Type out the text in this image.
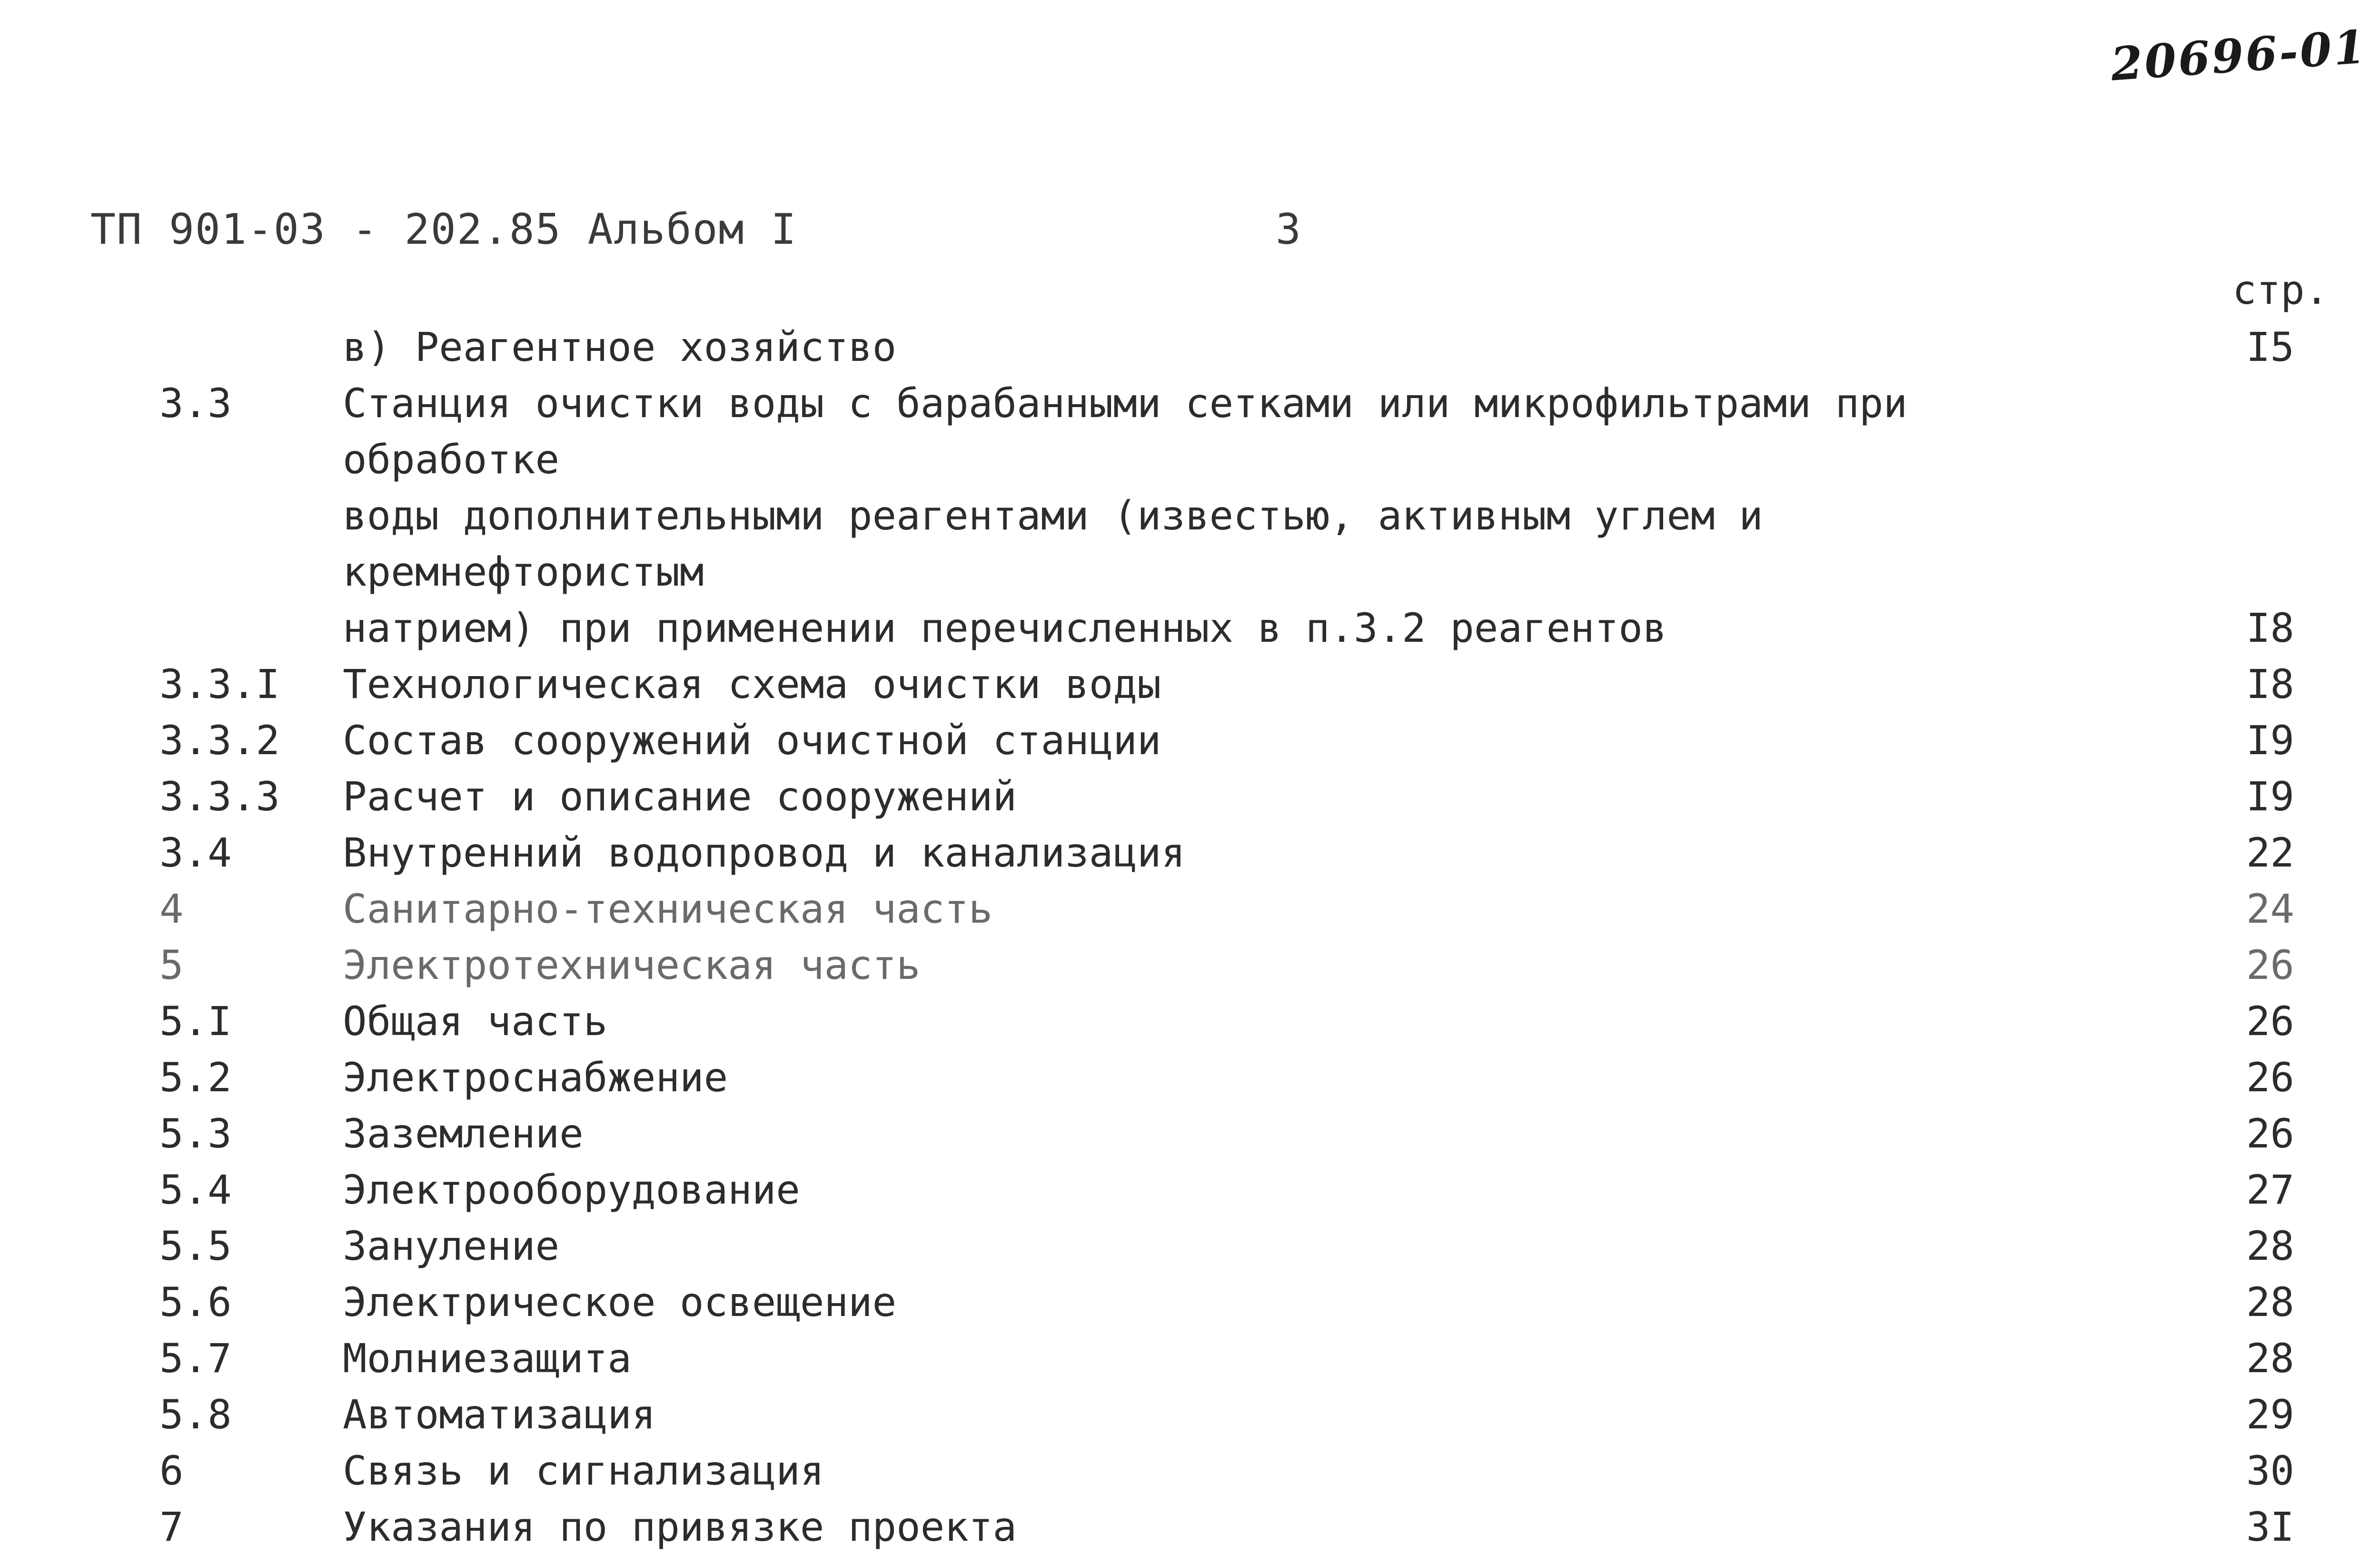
20696-01
ТП 901-03 - 202.85 Альбом I	3
стр.
в) Реагентное хозяйство	I5
3.3	Станция очистки воды с барабанными сетками или микрофильтрами при обработке
воды дополнительными реагентами (известью, активным углем и кремнефтористым
натрием) при применении перечисленных в п.3.2 реагентов	I8
3.3.I	Технологическая схема очистки воды	I8
3.3.2	Состав сооружений очистной станции	I9
3.3.3	Расчет и описание сооружений	I9
3.4	Внутренний водопровод и канализация	22
4	Санитарно-техническая часть	24
5	Электротехническая часть	26
5.I	Общая часть	26
5.2	Электроснабжение	26
5.3	Заземление	26
5.4	Электрооборудование	27
5.5	Зануление	28
5.6	Электрическое освещение	28
5.7	Молниезащита	28
5.8	Автоматизация	29
6	Связь и сигнализация	30
7	Указания по привязке проекта	3I
